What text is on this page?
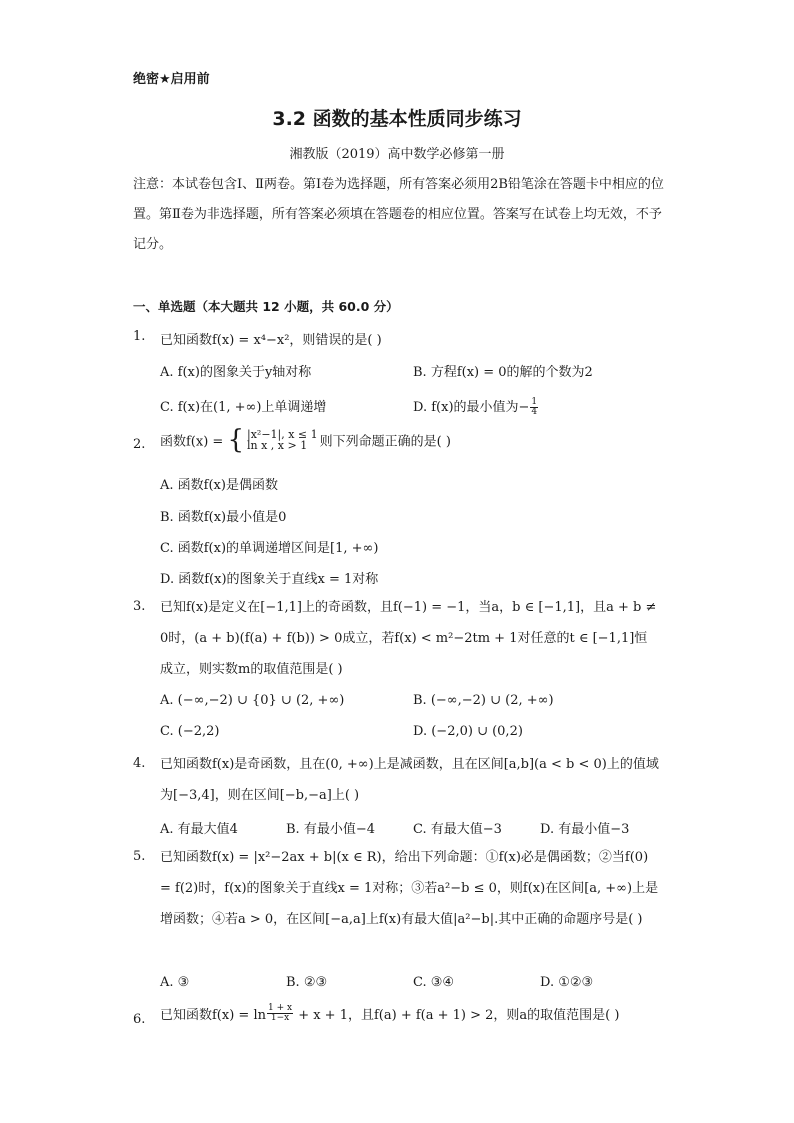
绝密★启用前
3.2 函数的基本性质同步练习
湘教版（2019）高中数学必修第一册
注意：本试卷包含Ⅰ、Ⅱ两卷。第Ⅰ卷为选择题，所有答案必须用2B铅笔涂在答题卡中相应的位置。第Ⅱ卷为非选择题，所有答案必须填在答题卷的相应位置。答案写在试卷上均无效，不予记分。
一、单选题（本大题共 12 小题，共 60.0 分）
1. 已知函数f(x) = x⁴−x²，则错误的是( )
A. f(x)的图象关于y轴对称	B. 方程f(x) = 0的解的个数为2
C. f(x)在(1, +∞)上单调递增	D. f(x)的最小值为− $\frac{1}{4}$
2. 函数f(x) = { |x²−1|, x ≤ 1
ln x , x > 1 则下列命题正确的是( )
A. 函数f(x)是偶函数
B. 函数f(x)最小值是0
C. 函数f(x)的单调递增区间是[1, +∞)
D. 函数f(x)的图象关于直线x = 1对称
3. 已知f(x)是定义在[−1,1]上的奇函数，且f(−1) = −1，当a，b ∈ [−1,1]，且a + b ≠ 0时，(a + b)(f(a) + f(b)) > 0成立，若f(x) < m²−2tm + 1对任意的t ∈ [−1,1]恒成立，则实数m的取值范围是( )
A. (−∞,−2) ∪ {0} ∪ (2, +∞)	B. (−∞,−2) ∪ (2, +∞)
C. (−2,2)	D. (−2,0) ∪ (0,2)
4. 已知函数f(x)是奇函数，且在(0, +∞)上是减函数，且在区间[a,b](a < b < 0)上的值域为[−3,4]，则在区间[−b,−a]上( )
A. 有最大值4	B. 有最小值−4	C. 有最大值−3	D. 有最小值−3
5. 已知函数f(x) = |x²−2ax + b|(x ∈ R)，给出下列命题：①f(x)必是偶函数；②当f(0) = f(2)时，f(x)的图象关于直线x = 1对称；③若a²−b ≤ 0，则f(x)在区间[a, +∞)上是增函数；④若a > 0，在区间[−a,a]上f(x)有最大值|a²−b|.其中正确的命题序号是( )
A. ③	B. ②③	C. ③④	D. ①②③
6. 已知函数$f(x) = \ln \frac{1 + x}{1-x} + x + 1$，且f(a) + f(a + 1) > 2，则a的取值范围是( )
